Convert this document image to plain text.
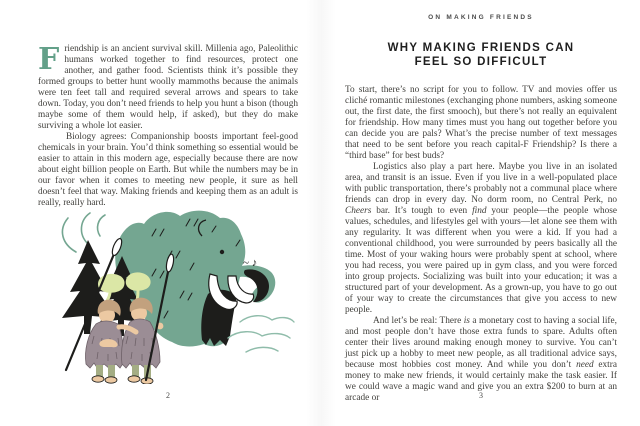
Friendship is an ancient survival skill. Millenia ago, Paleolithic humans worked together to find resources, protect one another, and gather food. Scientists think it’s possible they formed groups to better hunt woolly mammoths because the animals were ten feet tall and required several arrows and spears to take down. Today, you don’t need friends to help you hunt a bison (though maybe some of them would help, if asked), but they do make surviving a whole lot easier.

Biology agrees: Companionship boosts important feel-good chemicals in your brain. You’d think something so essential would be easier to attain in this modern age, especially because there are now about eight billion people on Earth. But while the numbers may be in our favor when it comes to meeting new people, it sure as hell doesn’t feel that way. Making friends and keeping them as an adult is really, really hard.

~ ♪
2
ON MAKING FRIENDS
WHY MAKING FRIENDS CAN
FEEL SO DIFFICULT

To start, there’s no script for you to follow. TV and movies offer us cliché romantic milestones (exchanging phone numbers, asking someone out, the first date, the first smooch), but there’s not really an equivalent for friendship. How many times must you hang out together before you can decide you are pals? What’s the precise number of text messages that need to be sent before you reach capital-F Friendship? Is there a “third base” for best buds?

Logistics also play a part here. Maybe you live in an isolated area, and transit is an issue. Even if you live in a well-populated place with public transportation, there’s probably not a communal place where friends can drop in every day. No dorm room, no Central Perk, no Cheers bar. It’s tough to even find your people—the people whose values, schedules, and lifestyles gel with yours—let alone see them with any regularity. It was different when you were a kid. If you had a conventional childhood, you were surrounded by peers basically all the time. Most of your waking hours were probably spent at school, where you had recess, you were paired up in gym class, and you were forced into group projects. Socializing was built into your education; it was a structured part of your development. As a grown-up, you have to go out of your way to create the circumstances that give you access to new people.

And let’s be real: There is a monetary cost to having a social life, and most people don’t have those extra funds to spare. Adults often center their lives around making enough money to survive. You can’t just pick up a hobby to meet new people, as all traditional advice says, because most hobbies cost money. And while you don’t need extra money to make new friends, it would certainly make the task easier. If we could wave a magic wand and give you an extra $200 to burn at an arcade or	3
